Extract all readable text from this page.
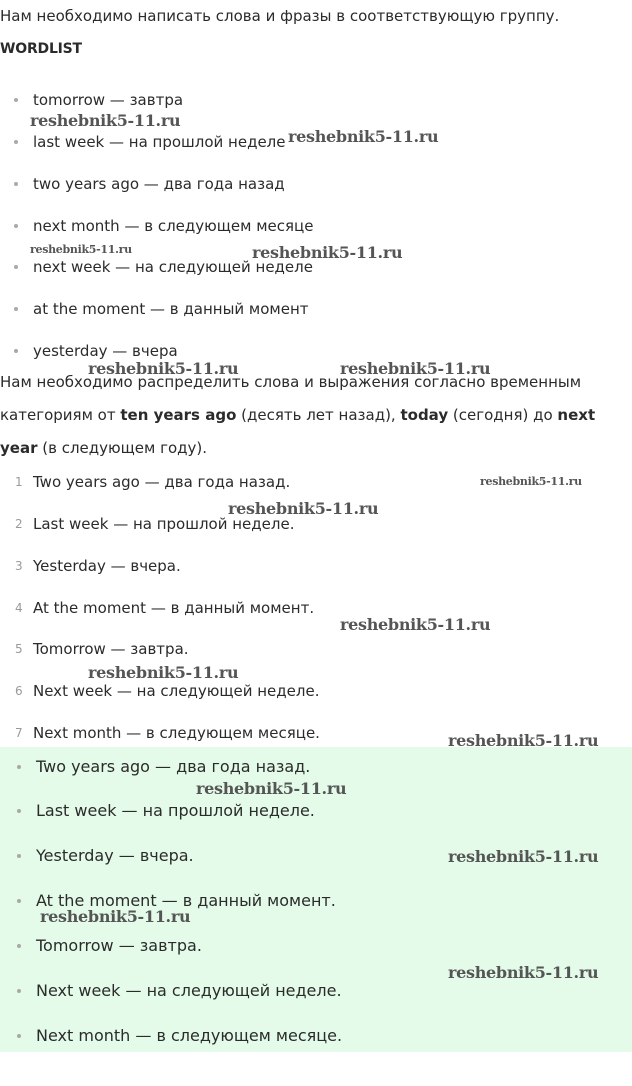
Нам необходимо написать слова и фразы в соответствующую группу.
WORDLIST
tomorrow — завтра
last week — на прошлой неделе
two years ago — два года назад
next month — в следующем месяце
next week — на следующей неделе
at the moment — в данный момент
yesterday — вчера
Нам необходимо распределить слова и выражения согласно временным категориям от ten years ago (десять лет назад), today (сегодня) до next year (в следующем году).
1 Two years ago — два года назад.
2 Last week — на прошлой неделе.
3 Yesterday — вчера.
4 At the moment — в данный момент.
5 Tomorrow — завтра.
6 Next week — на следующей неделе.
7 Next month — в следующем месяце.
Two years ago — два года назад.
Last week — на прошлой неделе.
Yesterday — вчера.
At the moment — в данный момент.
Tomorrow — завтра.
Next week — на следующей неделе.
Next month — в следующем месяце.
reshebnik5-11.ru
reshebnik5-11.ru
reshebnik5-11.ru	reshebnik5-11.ru
reshebnik5-11.ru	reshebnik5-11.ru
reshebnik5-11.ru
reshebnik5-11.ru
reshebnik5-11.ru
reshebnik5-11.ru
reshebnik5-11.ru
reshebnik5-11.ru
reshebnik5-11.ru
reshebnik5-11.ru
reshebnik5-11.ru
